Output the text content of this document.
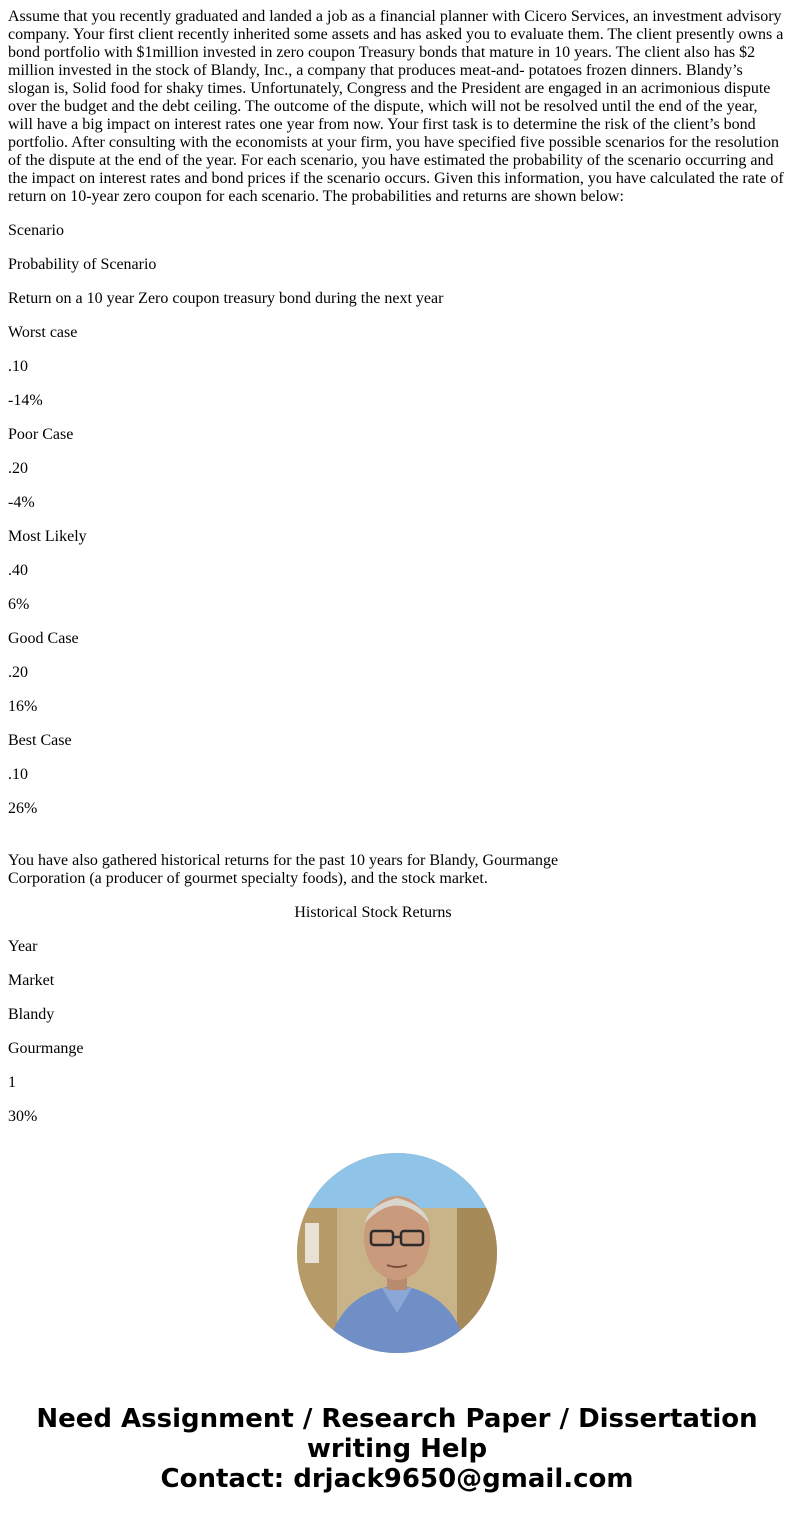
Assume that you recently graduated and landed a job as a financial planner with Cicero Services, an investment advisory company. Your first client recently inherited some assets and has asked you to evaluate them. The client presently owns a bond portfolio with $1million invested in zero coupon Treasury bonds that mature in 10 years. The client also has $2 million invested in the stock of Blandy, Inc., a company that produces meat-and- potatoes frozen dinners. Blandy’s slogan is, Solid food for shaky times. Unfortunately, Congress and the President are engaged in an acrimonious dispute over the budget and the debt ceiling. The outcome of the dispute, which will not be resolved until the end of the year, will have a big impact on interest rates one year from now. Your first task is to determine the risk of the client’s bond portfolio. After consulting with the economists at your firm, you have specified five possible scenarios for the resolution of the dispute at the end of the year. For each scenario, you have estimated the probability of the scenario occurring and the impact on interest rates and bond prices if the scenario occurs. Given this information, you have calculated the rate of return on 10-year zero coupon for each scenario. The probabilities and returns are shown below:

Scenario

Probability of Scenario

Return on a 10 year Zero coupon treasury bond during the next year

Worst case

.10

-14%

Poor Case

.20

-4%

Most Likely

.40

6%

Good Case

.20

16%

Best Case

.10

26%

You have also gathered historical returns for the past 10 years for Blandy, Gourmange
Corporation (a producer of gourmet specialty foods), and the stock market.

Historical Stock Returns

Year

Market

Blandy

Gourmange

1

30%

Need Assignment / Research Paper / Dissertation
writing Help
Contact: drjack9650@gmail.com
